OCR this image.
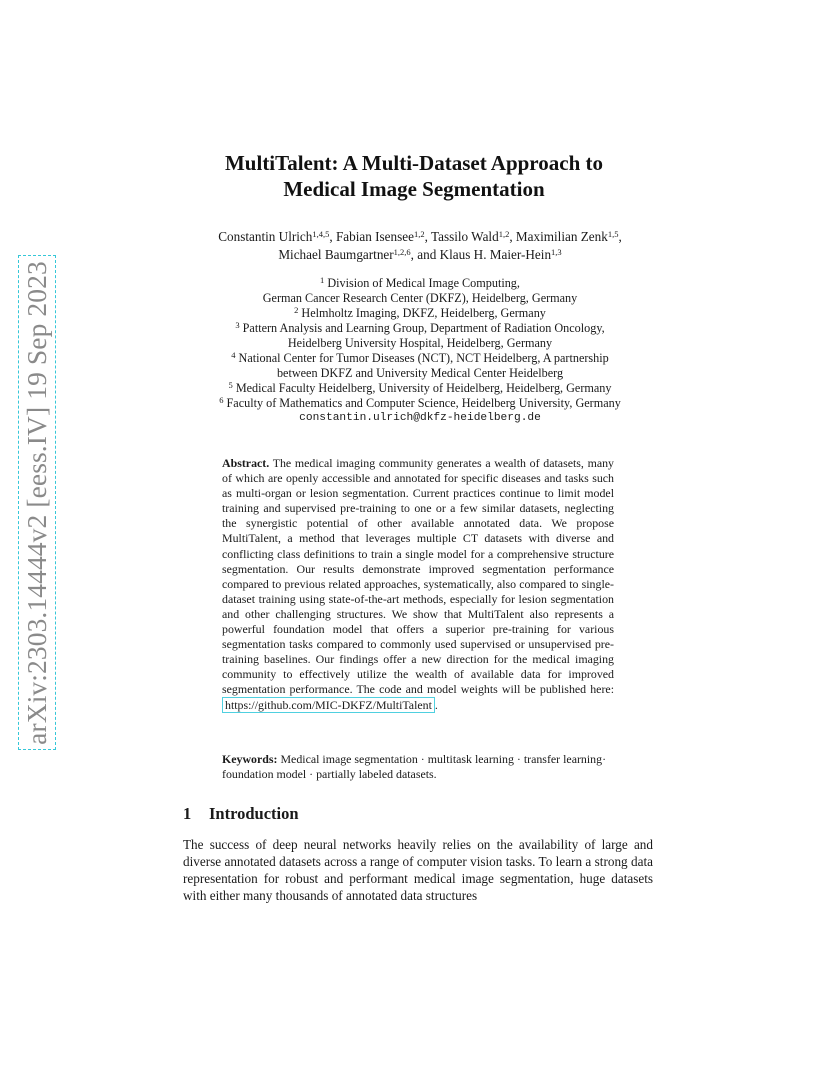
arXiv:2303.14444v2 [eess.IV] 19 Sep 2023
MultiTalent: A Multi-Dataset Approach to
Medical Image Segmentation
Constantin Ulrich$^{1,4,5}$, Fabian Isensee$^{1,2}$, Tassilo Wald$^{1,2}$, Maximilian Zenk$^{1,5}$,
Michael Baumgartner$^{1,2,6}$, and Klaus H. Maier-Hein$^{1,3}$
$^1$ Division of Medical Image Computing,
German Cancer Research Center (DKFZ), Heidelberg, Germany
$^2$ Helmholtz Imaging, DKFZ, Heidelberg, Germany
$^3$ Pattern Analysis and Learning Group, Department of Radiation Oncology,
Heidelberg University Hospital, Heidelberg, Germany
$^4$ National Center for Tumor Diseases (NCT), NCT Heidelberg, A partnership
between DKFZ and University Medical Center Heidelberg
$^5$ Medical Faculty Heidelberg, University of Heidelberg, Heidelberg, Germany
$^6$ Faculty of Mathematics and Computer Science, Heidelberg University, Germany
constantin.ulrich@dkfz-heidelberg.de
Abstract. The medical imaging community generates a wealth of datasets, many of which are openly accessible and annotated for specific diseases and tasks such as multi-organ or lesion segmentation. Current practices continue to limit model training and supervised pre-training to one or a few similar datasets, neglecting the synergistic potential of other available annotated data. We propose MultiTalent, a method that leverages multiple CT datasets with diverse and conflicting class definitions to train a single model for a comprehensive structure segmentation. Our results demonstrate improved segmentation performance compared to previous related approaches, systematically, also compared to single-dataset training using state-of-the-art methods, especially for lesion segmentation and other challenging structures. We show that MultiTalent also represents a powerful foundation model that offers a superior pre-training for various segmentation tasks compared to commonly used supervised or unsupervised pre-training baselines. Our findings offer a new direction for the medical imaging community to effectively utilize the wealth of available data for improved segmentation performance. The code and model weights will be published here: https://github.com/MIC-DKFZ/MultiTalent .
Keywords: Medical image segmentation · multitask learning · transfer learning· foundation model · partially labeled datasets.
1 Introduction
The success of deep neural networks heavily relies on the availability of large and diverse annotated datasets across a range of computer vision tasks. To learn a strong data representation for robust and performant medical image segmentation, huge datasets with either many thousands of annotated data structures
